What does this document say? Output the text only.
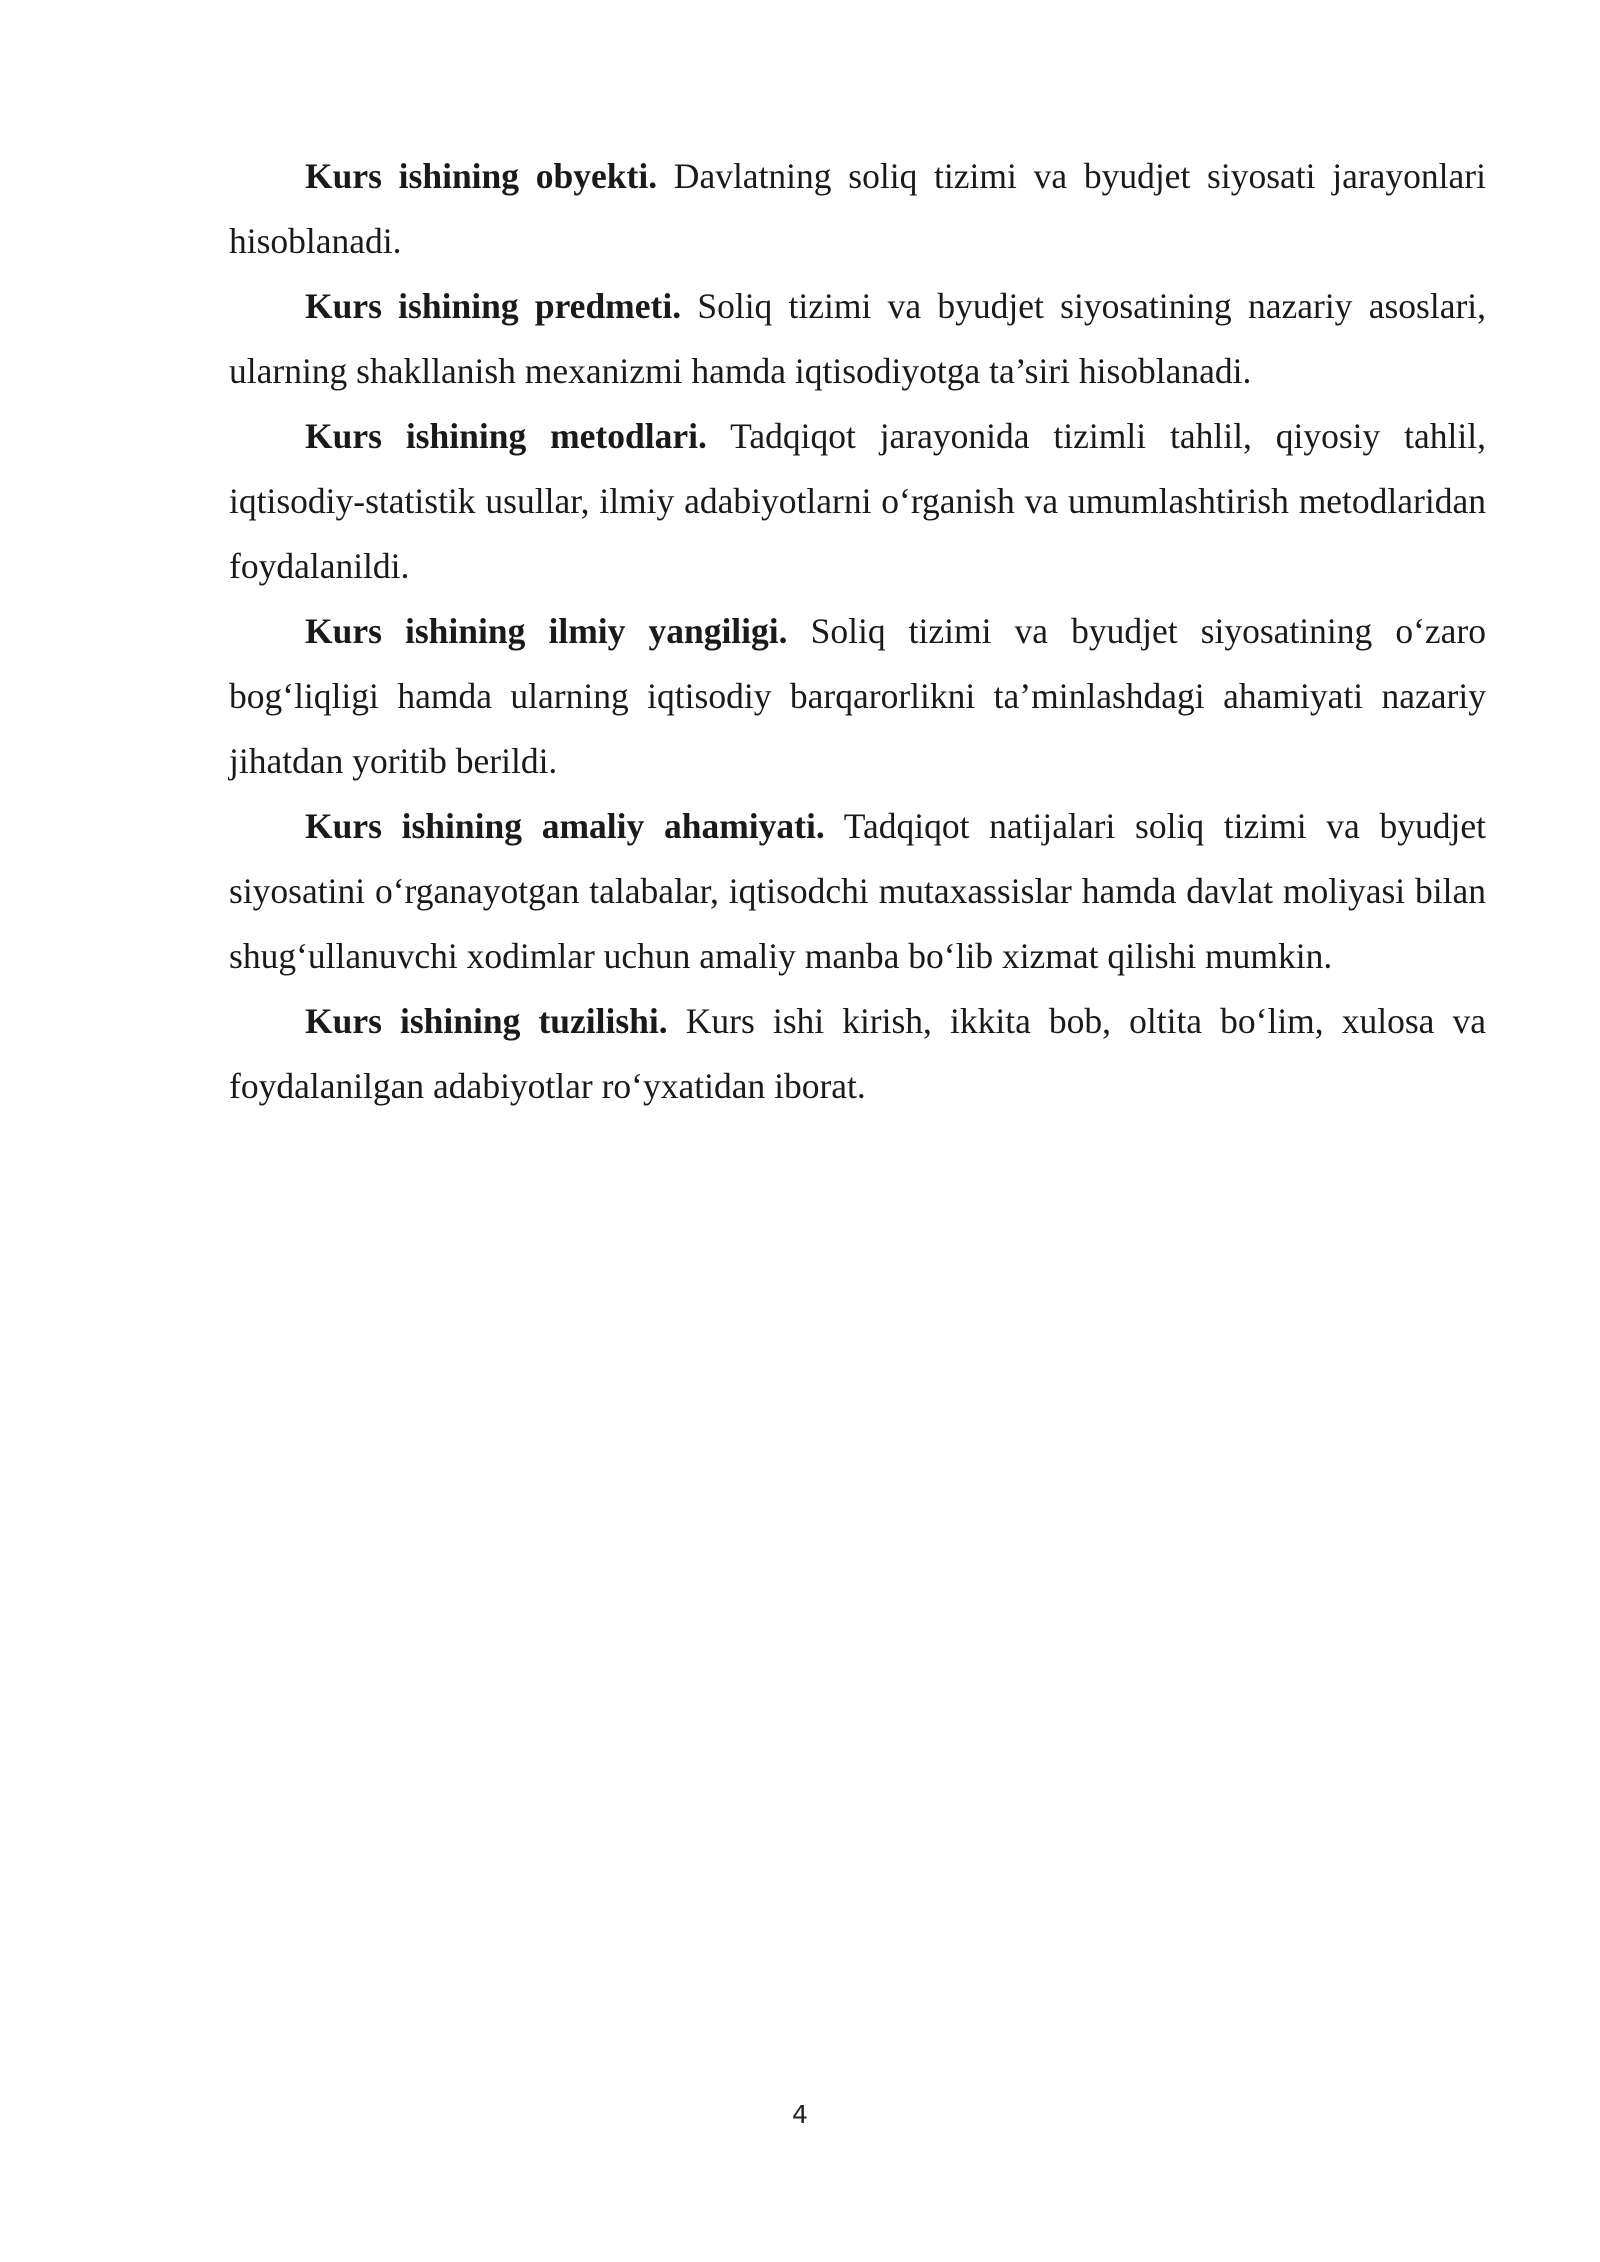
Kurs ishining obyekti. Davlatning soliq tizimi va byudjet siyosati jarayonlari hisoblanadi.

Kurs ishining predmeti. Soliq tizimi va byudjet siyosatining nazariy asoslari, ularning shakllanish mexanizmi hamda iqtisodiyotga ta’siri hisoblanadi.

Kurs ishining metodlari. Tadqiqot jarayonida tizimli tahlil, qiyosiy tahlil, iqtisodiy-statistik usullar, ilmiy adabiyotlarni o‘rganish va umumlashtirish metodlaridan foydalanildi.

Kurs ishining ilmiy yangiligi. Soliq tizimi va byudjet siyosatining o‘zaro bog‘liqligi hamda ularning iqtisodiy barqarorlikni ta’minlashdagi ahamiyati nazariy jihatdan yoritib berildi.

Kurs ishining amaliy ahamiyati. Tadqiqot natijalari soliq tizimi va byudjet siyosatini o‘rganayotgan talabalar, iqtisodchi mutaxassislar hamda davlat moliyasi bilan shug‘ullanuvchi xodimlar uchun amaliy manba bo‘lib xizmat qilishi mumkin.

Kurs ishining tuzilishi. Kurs ishi kirish, ikkita bob, oltita bo‘lim, xulosa va foydalanilgan adabiyotlar ro‘yxatidan iborat.

4
